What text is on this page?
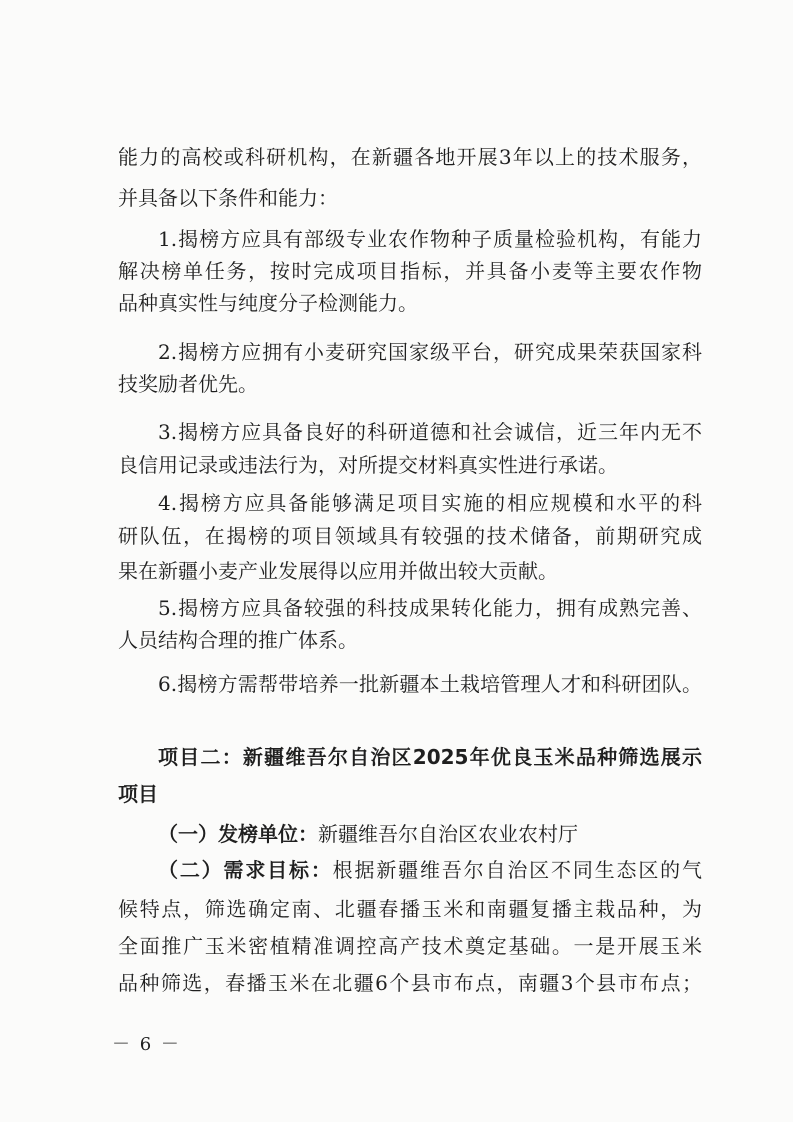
能力的高校或科研机构，在新疆各地开展3年以上的技术服务，
并具备以下条件和能力：
1.揭榜方应具有部级专业农作物种子质量检验机构，有能力
解决榜单任务，按时完成项目指标，并具备小麦等主要农作物
品种真实性与纯度分子检测能力。
2.揭榜方应拥有小麦研究国家级平台，研究成果荣获国家科
技奖励者优先。
3.揭榜方应具备良好的科研道德和社会诚信，近三年内无不
良信用记录或违法行为，对所提交材料真实性进行承诺。
4.揭榜方应具备能够满足项目实施的相应规模和水平的科
研队伍，在揭榜的项目领域具有较强的技术储备，前期研究成
果在新疆小麦产业发展得以应用并做出较大贡献。
5.揭榜方应具备较强的科技成果转化能力，拥有成熟完善、
人员结构合理的推广体系。
6.揭榜方需帮带培养一批新疆本土栽培管理人才和科研团队。
项目二：新疆维吾尔自治区2025年优良玉米品种筛选展示
项目
（一）发榜单位：新疆维吾尔自治区农业农村厅
（二）需求目标：根据新疆维吾尔自治区不同生态区的气
候特点，筛选确定南、北疆春播玉米和南疆复播主栽品种，为
全面推广玉米密植精准调控高产技术奠定基础。一是开展玉米
品种筛选，春播玉米在北疆6个县市布点，南疆3个县市布点；
－ 6 －
